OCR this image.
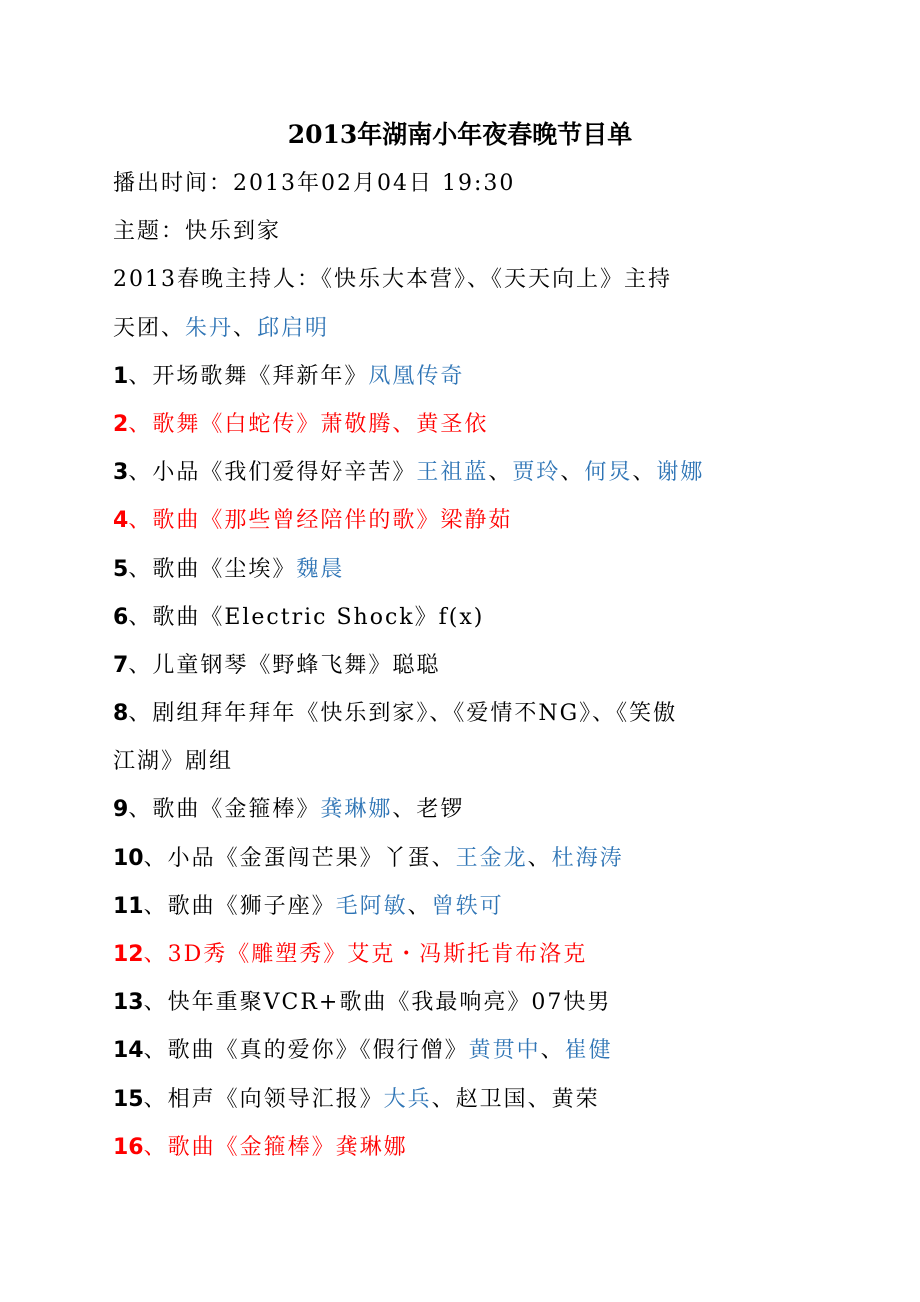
2013年湖南小年夜春晚节目单
播出时间：2013年02月04日 19:30
主题：快乐到家
2013春晚主持人：《快乐大本营》、《天天向上》主持
天团、朱丹、邱启明
1、开场歌舞《拜新年》凤凰传奇
2、歌舞《白蛇传》萧敬腾、黄圣依
3、小品《我们爱得好辛苦》王祖蓝、贾玲、何炅、谢娜
4、歌曲《那些曾经陪伴的歌》梁静茹
5、歌曲《尘埃》魏晨
6、歌曲《Electric Shock》f(x)
7、儿童钢琴《野蜂飞舞》聪聪
8、剧组拜年拜年《快乐到家》、《爱情不NG》、《笑傲
江湖》剧组
9、歌曲《金箍棒》龚琳娜、老锣
10、小品《金蛋闯芒果》丫蛋、王金龙、杜海涛
11、歌曲《狮子座》毛阿敏、曾轶可
12、3D秀《雕塑秀》艾克・冯斯托肯布洛克
13、快年重聚VCR+歌曲《我最响亮》07快男
14、歌曲《真的爱你》《假行僧》黄贯中、崔健
15、相声《向领导汇报》大兵、赵卫国、黄荣
16、歌曲《金箍棒》龚琳娜
